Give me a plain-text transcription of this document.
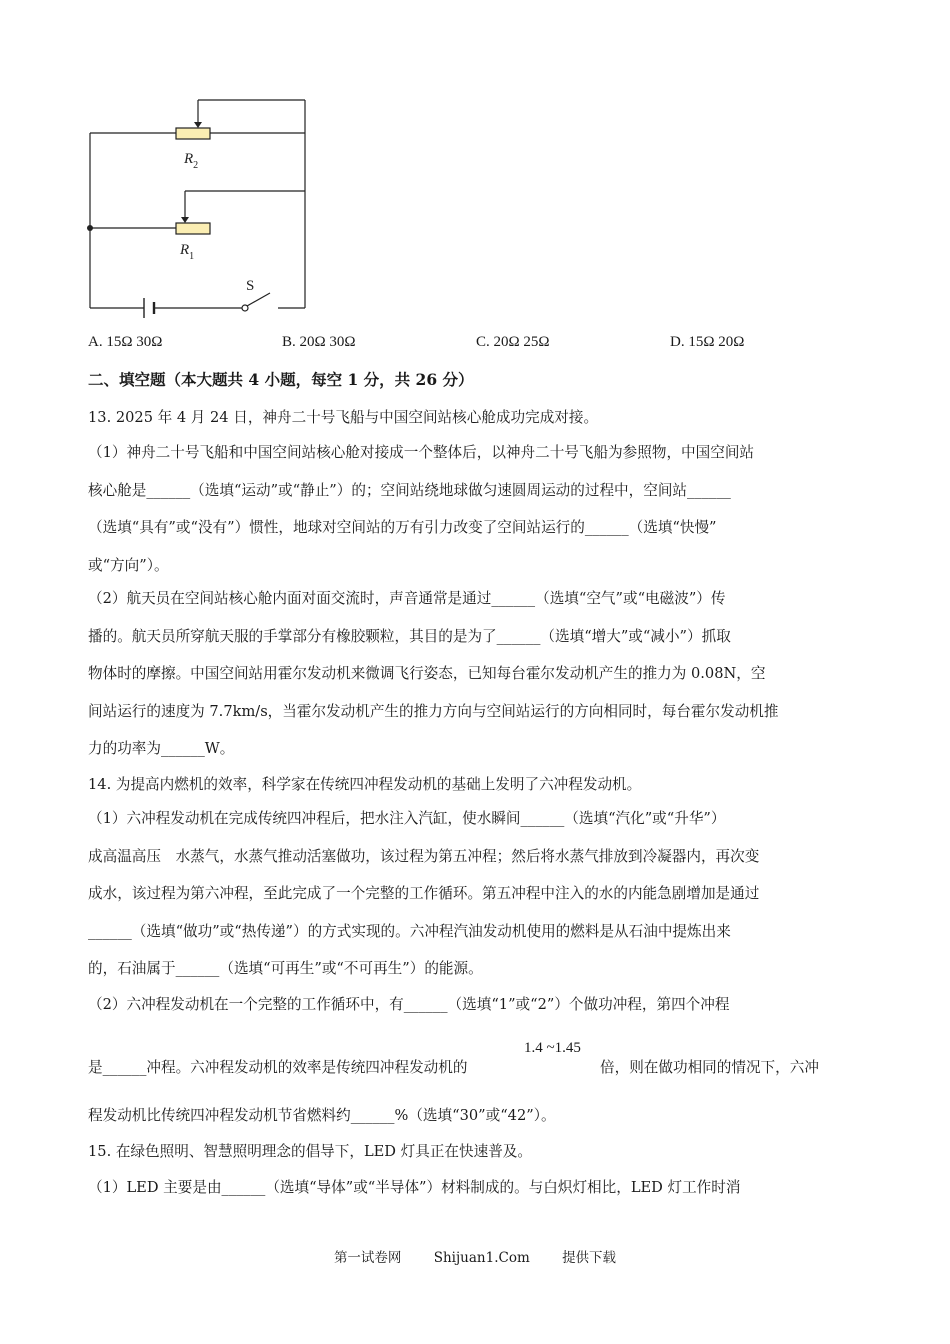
$R_2$
$R_1$
S
A. 15Ω 30Ω	B. 20Ω 30Ω	C. 20Ω 25Ω	D. 15Ω 20Ω
二、填空题（本大题共 4 小题，每空 1 分，共 26 分）
13. 2025 年 4 月 24 日，神舟二十号飞船与中国空间站核心舱成功完成对接。
（1）神舟二十号飞船和中国空间站核心舱对接成一个整体后，以神舟二十号飞船为参照物，中国空间站
核心舱是______（选填“运动”或“静止”）的；空间站绕地球做匀速圆周运动的过程中，空间站______
（选填“具有”或“没有”）惯性，地球对空间站的万有引力改变了空间站运行的______（选填“快慢”
或“方向”）。
（2）航天员在空间站核心舱内面对面交流时，声音通常是通过______（选填“空气”或“电磁波”）传
播的。航天员所穿航天服的手掌部分有橡胶颗粒，其目的是为了______（选填“增大”或“减小”）抓取
物体时的摩擦。中国空间站用霍尔发动机来微调飞行姿态，已知每台霍尔发动机产生的推力为 0.08N，空
间站运行的速度为 7.7km/s，当霍尔发动机产生的推力方向与空间站运行的方向相同时，每台霍尔发动机推
力的功率为______W。
14. 为提高内燃机的效率，科学家在传统四冲程发动机的基础上发明了六冲程发动机。
（1）六冲程发动机在完成传统四冲程后，把水注入汽缸，使水瞬间______（选填“汽化”或“升华”）
成高温高压　水蒸气，水蒸气推动活塞做功，该过程为第五冲程；然后将水蒸气排放到冷凝器内，再次变
成水，该过程为第六冲程，至此完成了一个完整的工作循环。第五冲程中注入的水的内能急剧增加是通过
______（选填“做功”或“热传递”）的方式实现的。六冲程汽油发动机使用的燃料是从石油中提炼出来
的，石油属于______（选填“可再生”或“不可再生”）的能源。
（2）六冲程发动机在一个完整的工作循环中，有______（选填“1”或“2”）个做功冲程，第四个冲程
是______冲程。六冲程发动机的效率是传统四冲程发动机的
1.4 ~1.45
倍，则在做功相同的情况下，六冲
程发动机比传统四冲程发动机节省燃料约______%（选填“30”或“42”）。
15. 在绿色照明、智慧照明理念的倡导下，LED 灯具正在快速普及。
（1）LED 主要是由______（选填“导体”或“半导体”）材料制成的。与白炽灯相比，LED 灯工作时消
第一试卷网 Shijuan1.Com 提供下载
